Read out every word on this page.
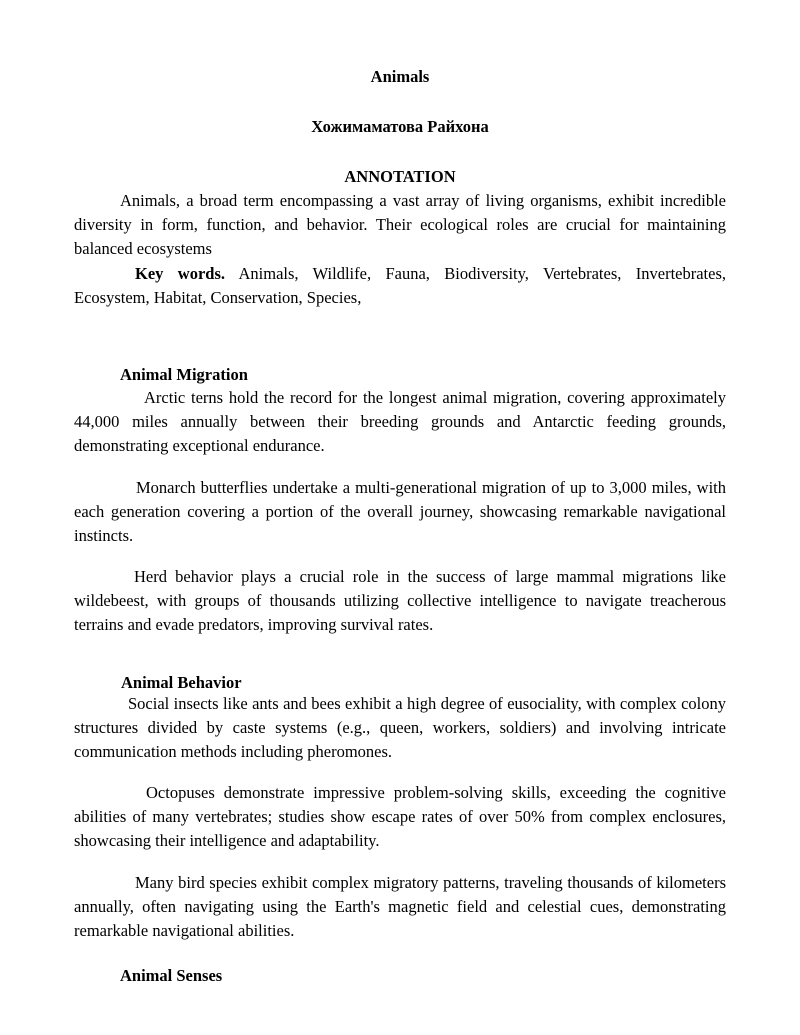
Animals

Хожимаматова Райхона

ANNOTATION

Animals, a broad term encompassing a vast array of living organisms, exhibit incredible diversity in form, function, and behavior. Their ecological roles are crucial for maintaining balanced ecosystems

Key words. Animals, Wildlife, Fauna, Biodiversity, Vertebrates, Invertebrates, Ecosystem, Habitat, Conservation, Species,

Animal Migration

Arctic terns hold the record for the longest animal migration, covering approximately 44,000 miles annually between their breeding grounds and Antarctic feeding grounds, demonstrating exceptional endurance.

Monarch butterflies undertake a multi-generational migration of up to 3,000 miles, with each generation covering a portion of the overall journey, showcasing remarkable navigational instincts.

Herd behavior plays a crucial role in the success of large mammal migrations like wildebeest, with groups of thousands utilizing collective intelligence to navigate treacherous terrains and evade predators, improving survival rates.

Animal Behavior

Social insects like ants and bees exhibit a high degree of eusociality, with complex colony structures divided by caste systems (e.g., queen, workers, soldiers) and involving intricate communication methods including pheromones.

Octopuses demonstrate impressive problem-solving skills, exceeding the cognitive abilities of many vertebrates; studies show escape rates of over 50% from complex enclosures, showcasing their intelligence and adaptability.

Many bird species exhibit complex migratory patterns, traveling thousands of kilometers annually, often navigating using the Earth's magnetic field and celestial cues, demonstrating remarkable navigational abilities.

Animal Senses
